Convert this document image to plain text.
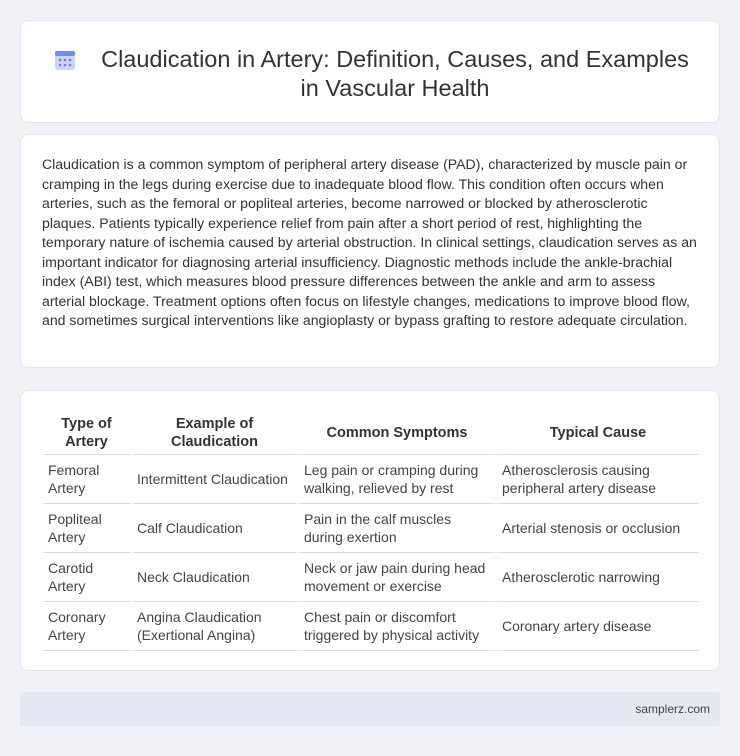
Claudication in Artery: Definition, Causes, and Examples in Vascular Health

Claudication is a common symptom of peripheral artery disease (PAD), characterized by muscle pain or cramping in the legs during exercise due to inadequate blood flow. This condition often occurs when arteries, such as the femoral or popliteal arteries, become narrowed or blocked by atherosclerotic plaques. Patients typically experience relief from pain after a short period of rest, highlighting the temporary nature of ischemia caused by arterial obstruction. In clinical settings, claudication serves as an important indicator for diagnosing arterial insufficiency. Diagnostic methods include the ankle-brachial index (ABI) test, which measures blood pressure differences between the ankle and arm to assess arterial blockage. Treatment options often focus on lifestyle changes, medications to improve blood flow, and sometimes surgical interventions like angioplasty or bypass grafting to restore adequate circulation.

Type of Artery	Example of Claudication	Common Symptoms	Typical Cause
Femoral Artery	Intermittent Claudication	Leg pain or cramping during walking, relieved by rest	Atherosclerosis causing peripheral artery disease
Popliteal Artery	Calf Claudication	Pain in the calf muscles during exertion	Arterial stenosis or occlusion
Carotid Artery	Neck Claudication	Neck or jaw pain during head movement or exercise	Atherosclerotic narrowing
Coronary Artery	Angina Claudication (Exertional Angina)	Chest pain or discomfort triggered by physical activity	Coronary artery disease
samplerz.com
